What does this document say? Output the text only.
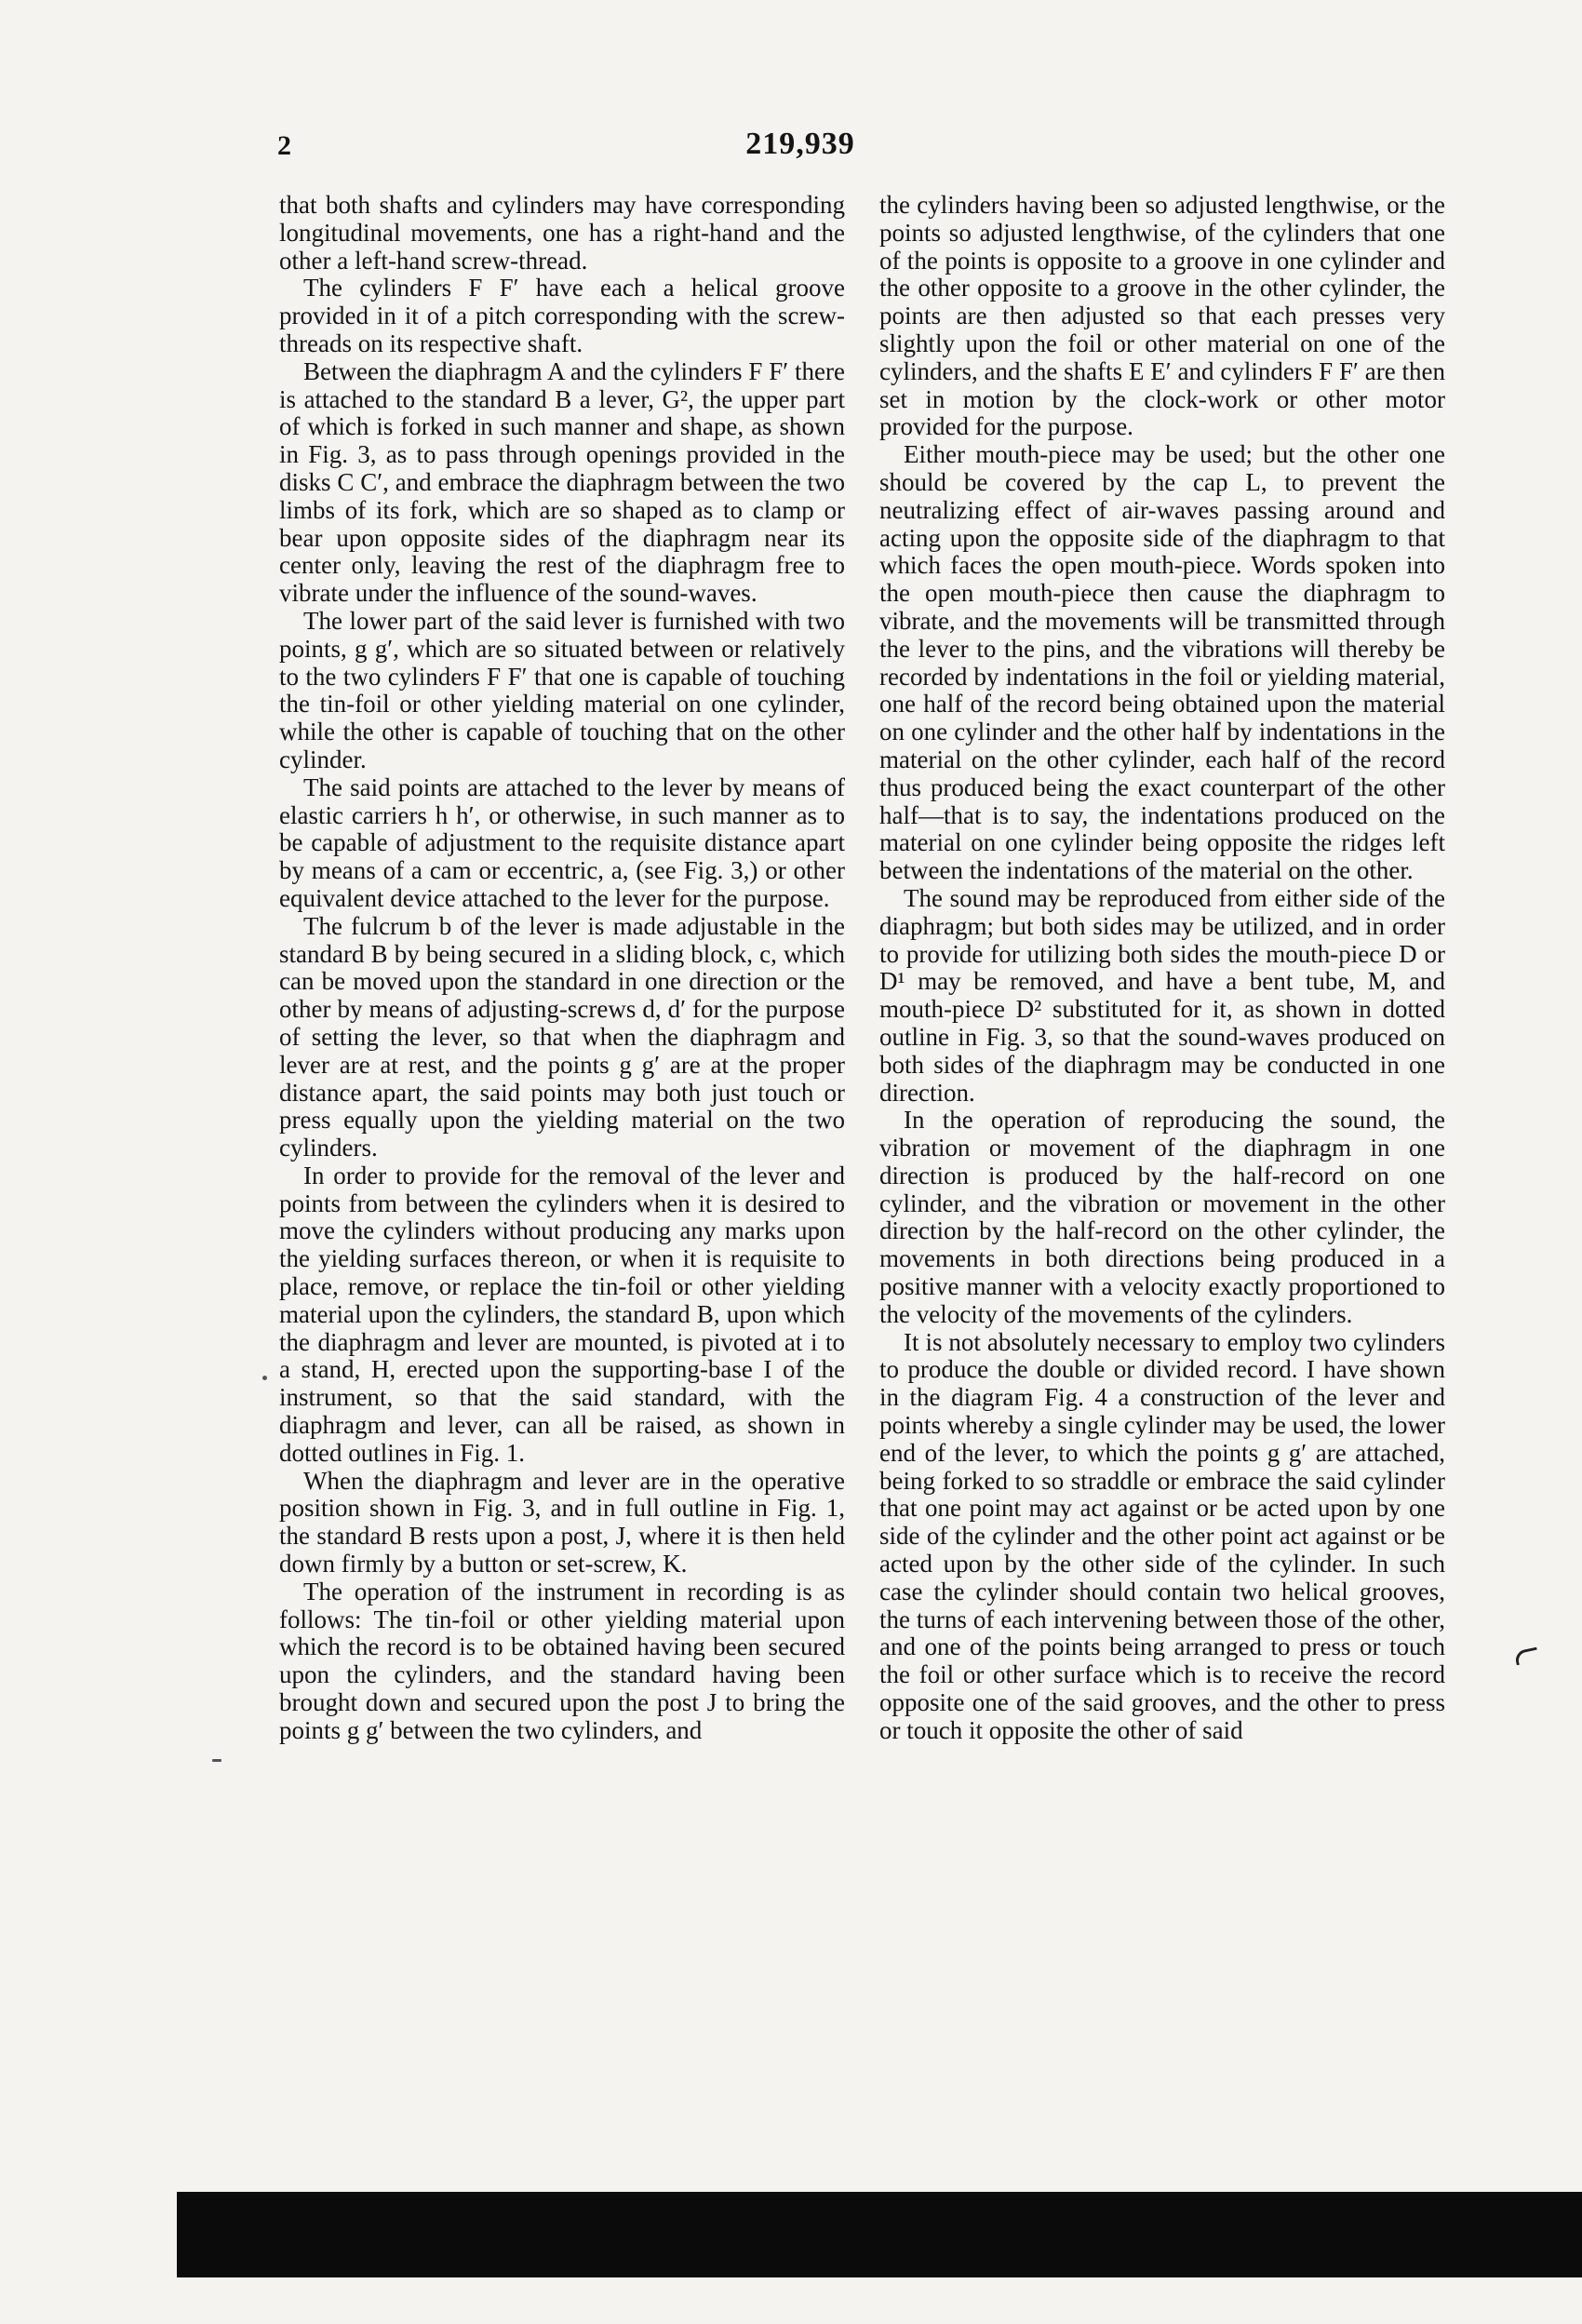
2	219,939

that both shafts and cylinders may have corresponding longitudinal movements, one has a right-hand and the other a left-hand screw-thread.

The cylinders F F′ have each a helical groove provided in it of a pitch corresponding with the screw-threads on its respective shaft.

Between the diaphragm A and the cylinders F F′ there is attached to the standard B a lever, G², the upper part of which is forked in such manner and shape, as shown in Fig. 3, as to pass through openings provided in the disks C C′, and embrace the diaphragm between the two limbs of its fork, which are so shaped as to clamp or bear upon opposite sides of the diaphragm near its center only, leaving the rest of the diaphragm free to vibrate under the influence of the sound-waves.

The lower part of the said lever is furnished with two points, g g′, which are so situated between or relatively to the two cylinders F F′ that one is capable of touching the tin-foil or other yielding material on one cylinder, while the other is capable of touching that on the other cylinder.

The said points are attached to the lever by means of elastic carriers h h′, or otherwise, in such manner as to be capable of adjustment to the requisite distance apart by means of a cam or eccentric, a, (see Fig. 3,) or other equivalent device attached to the lever for the purpose.

The fulcrum b of the lever is made adjustable in the standard B by being secured in a sliding block, c, which can be moved upon the standard in one direction or the other by means of adjusting-screws d, d′ for the purpose of setting the lever, so that when the diaphragm and lever are at rest, and the points g g′ are at the proper distance apart, the said points may both just touch or press equally upon the yielding material on the two cylinders.

In order to provide for the removal of the lever and points from between the cylinders when it is desired to move the cylinders without producing any marks upon the yielding surfaces thereon, or when it is requisite to place, remove, or replace the tin-foil or other yielding material upon the cylinders, the standard B, upon which the diaphragm and lever are mounted, is pivoted at i to a stand, H, erected upon the supporting-base I of the instrument, so that the said standard, with the diaphragm and lever, can all be raised, as shown in dotted outlines in Fig. 1.

When the diaphragm and lever are in the operative position shown in Fig. 3, and in full outline in Fig. 1, the standard B rests upon a post, J, where it is then held down firmly by a button or set-screw, K.

The operation of the instrument in recording is as follows: The tin-foil or other yielding material upon which the record is to be obtained having been secured upon the cylinders, and the standard having been brought down and secured upon the post J to bring the points g g′ between the two cylinders, and

the cylinders having been so adjusted lengthwise, or the points so adjusted lengthwise, of the cylinders that one of the points is opposite to a groove in one cylinder and the other opposite to a groove in the other cylinder, the points are then adjusted so that each presses very slightly upon the foil or other material on one of the cylinders, and the shafts E E′ and cylinders F F′ are then set in motion by the clock-work or other motor provided for the purpose.

Either mouth-piece may be used; but the other one should be covered by the cap L, to prevent the neutralizing effect of air-waves passing around and acting upon the opposite side of the diaphragm to that which faces the open mouth-piece. Words spoken into the open mouth-piece then cause the diaphragm to vibrate, and the movements will be transmitted through the lever to the pins, and the vibrations will thereby be recorded by indentations in the foil or yielding material, one half of the record being obtained upon the material on one cylinder and the other half by indentations in the material on the other cylinder, each half of the record thus produced being the exact counterpart of the other half—that is to say, the indentations produced on the material on one cylinder being opposite the ridges left between the indentations of the material on the other.

The sound may be reproduced from either side of the diaphragm; but both sides may be utilized, and in order to provide for utilizing both sides the mouth-piece D or D¹ may be removed, and have a bent tube, M, and mouth-piece D² substituted for it, as shown in dotted outline in Fig. 3, so that the sound-waves produced on both sides of the diaphragm may be conducted in one direction.

In the operation of reproducing the sound, the vibration or movement of the diaphragm in one direction is produced by the half-record on one cylinder, and the vibration or movement in the other direction by the half-record on the other cylinder, the movements in both directions being produced in a positive manner with a velocity exactly proportioned to the velocity of the movements of the cylinders.

It is not absolutely necessary to employ two cylinders to produce the double or divided record. I have shown in the diagram Fig. 4 a construction of the lever and points whereby a single cylinder may be used, the lower end of the lever, to which the points g g′ are attached, being forked to so straddle or embrace the said cylinder that one point may act against or be acted upon by one side of the cylinder and the other point act against or be acted upon by the other side of the cylinder. In such case the cylinder should contain two helical grooves, the turns of each intervening between those of the other, and one of the points being arranged to press or touch the foil or other surface which is to receive the record opposite one of the said grooves, and the other to press or touch it opposite the other of said
